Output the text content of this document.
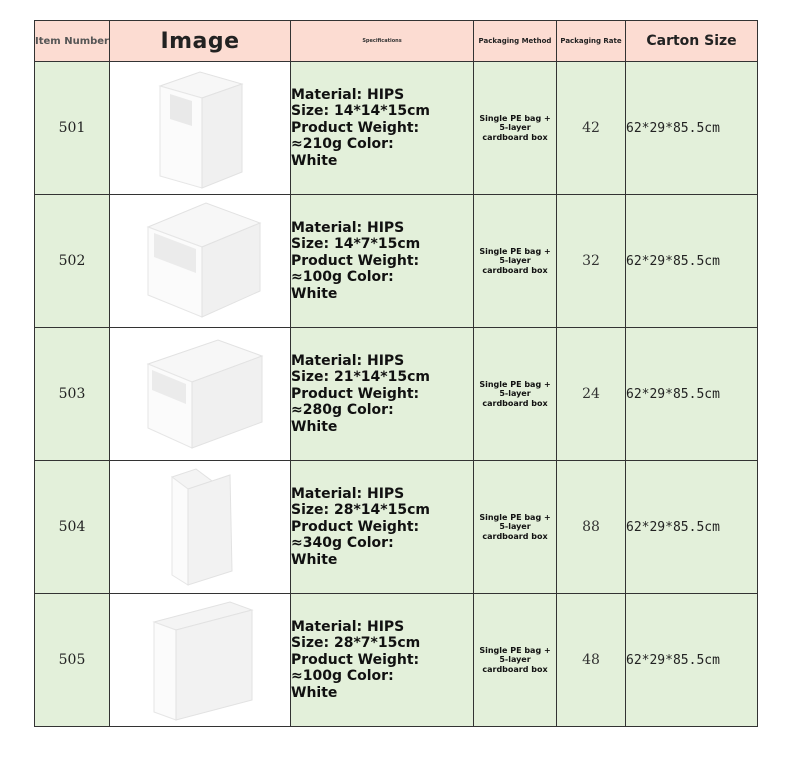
Item Number	Image	Specifications	Packaging Method	Packaging Rate	Carton Size
501		Material: HIPS Size: 14*14*15cm Product Weight: ≈210g Color: White	Single PE bag + 5-layer cardboard box	42	62*29*85.5cm
502		Material: HIPS Size: 14*7*15cm Product Weight: ≈100g Color: White	Single PE bag + 5-layer cardboard box	32	62*29*85.5cm
503		Material: HIPS Size: 21*14*15cm Product Weight: ≈280g Color: White	Single PE bag + 5-layer cardboard box	24	62*29*85.5cm
504		Material: HIPS Size: 28*14*15cm Product Weight: ≈340g Color: White	Single PE bag + 5-layer cardboard box	88	62*29*85.5cm
505		Material: HIPS Size: 28*7*15cm Product Weight: ≈100g Color: White	Single PE bag + 5-layer cardboard box	48	62*29*85.5cm
